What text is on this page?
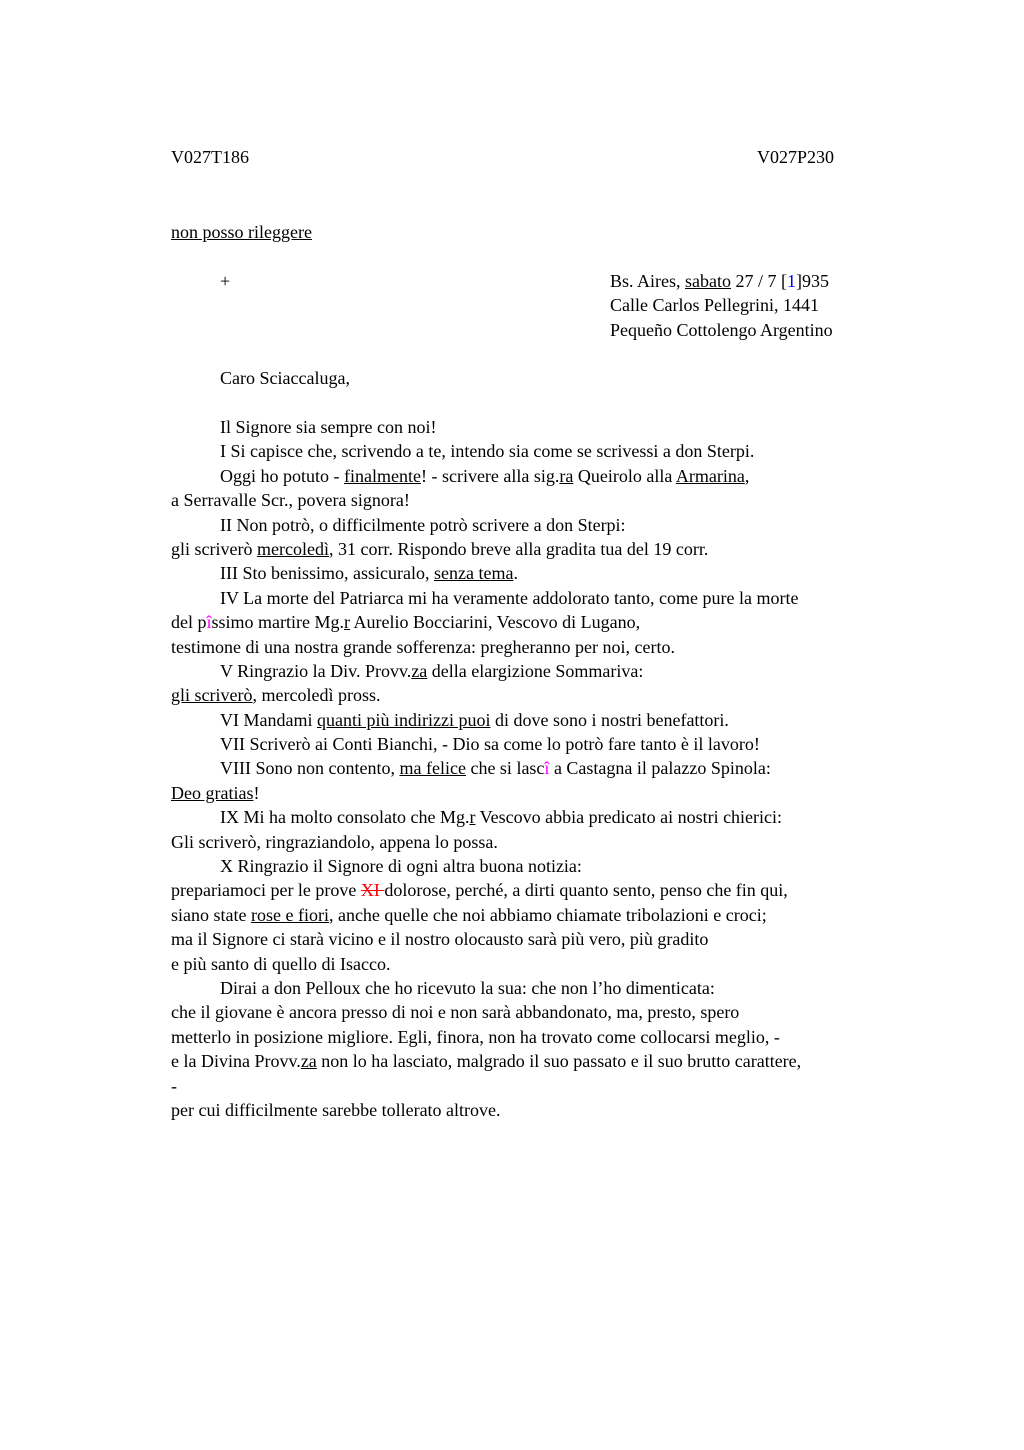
V027T186	V027P230
non posso rileggere
+	Bs. Aires, sabato 27 / 7 [1]935
Calle Carlos Pellegrini, 1441
Pequeño Cottolengo Argentino
Caro Sciaccaluga,
Il Signore sia sempre con noi!
I Si capisce che, scrivendo a te, intendo sia come se scrivessi a don Sterpi.
Oggi ho potuto - finalmente! - scrivere alla sig.ra Queirolo alla Armarina,
a Serravalle Scr., povera signora!
II Non potrò, o difficilmente potrò scrivere a don Sterpi:
gli scriverò mercoledì, 31 corr. Rispondo breve alla gradita tua del 19 corr.
III Sto benissimo, assicuralo, senza tema.
IV La morte del Patriarca mi ha veramente addolorato tanto, come pure la morte
del pîssimo martire Mg.r Aurelio Bocciarini, Vescovo di Lugano,
testimone di una nostra grande sofferenza: pregheranno per noi, certo.
V Ringrazio la Div. Provv.za della elargizione Sommariva:
gli scriverò, mercoledì pross.
VI Mandami quanti più indirizzi puoi di dove sono i nostri benefattori.
VII Scriverò ai Conti Bianchi, - Dio sa come lo potrò fare tanto è il lavoro!
VIII Sono non contento, ma felice che si lascî a Castagna il palazzo Spinola:
Deo gratias!
IX Mi ha molto consolato che Mg.r Vescovo abbia predicato ai nostri chierici:
Gli scriverò, ringraziandolo, appena lo possa.
X Ringrazio il Signore di ogni altra buona notizia:
prepariamoci per le prove XI dolorose, perché, a dirti quanto sento, penso che fin qui,
siano state rose e fiori, anche quelle che noi abbiamo chiamate tribolazioni e croci;
ma il Signore ci starà vicino e il nostro olocausto sarà più vero, più gradito
e più santo di quello di Isacco.
Dirai a don Pelloux che ho ricevuto la sua: che non l’ho dimenticata:
che il giovane è ancora presso di noi e non sarà abbandonato, ma, presto, spero
metterlo in posizione migliore. Egli, finora, non ha trovato come collocarsi meglio, -
e la Divina Provv.za non lo ha lasciato, malgrado il suo passato e il suo brutto carattere,
-
per cui difficilmente sarebbe tollerato altrove.
